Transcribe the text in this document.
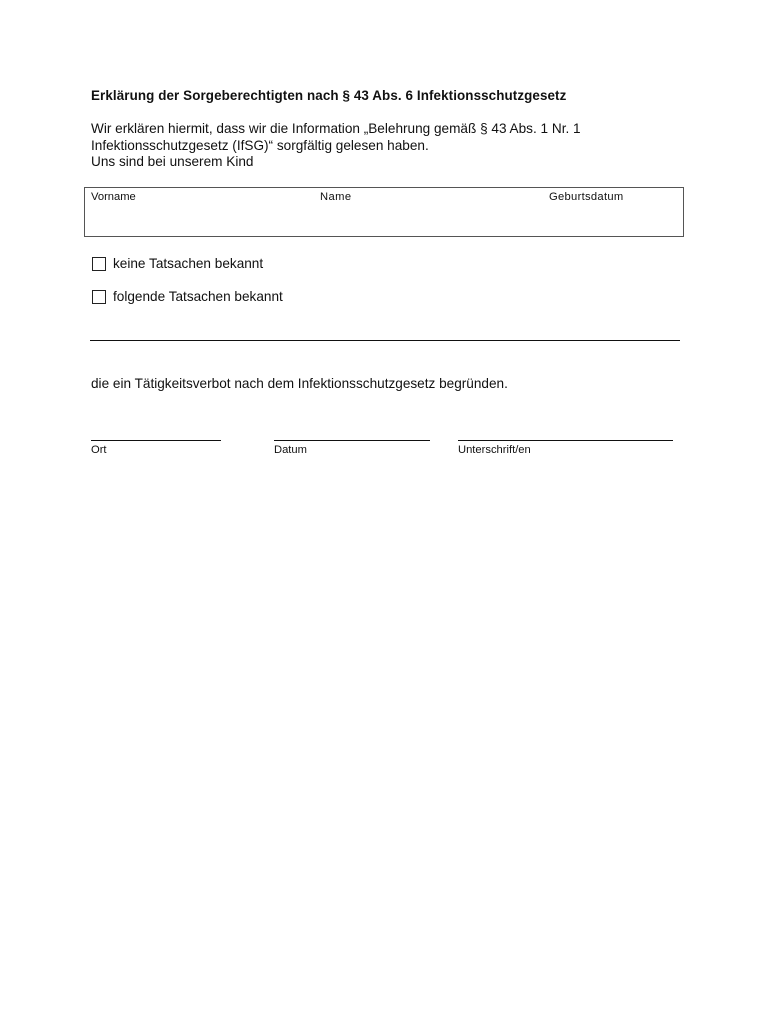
Erklärung der Sorgeberechtigten nach § 43 Abs. 6 Infektionsschutzgesetz
Wir erklären hiermit, dass wir die Information „Belehrung gemäß § 43 Abs. 1 Nr. 1
Infektionsschutzgesetz (IfSG)“ sorgfältig gelesen haben.
Uns sind bei unserem Kind
Vorname	Name	Geburtsdatum
keine Tatsachen bekannt
folgende Tatsachen bekannt
die ein Tätigkeitsverbot nach dem Infektionsschutzgesetz begründen.
Ort	Datum	Unterschrift/en
